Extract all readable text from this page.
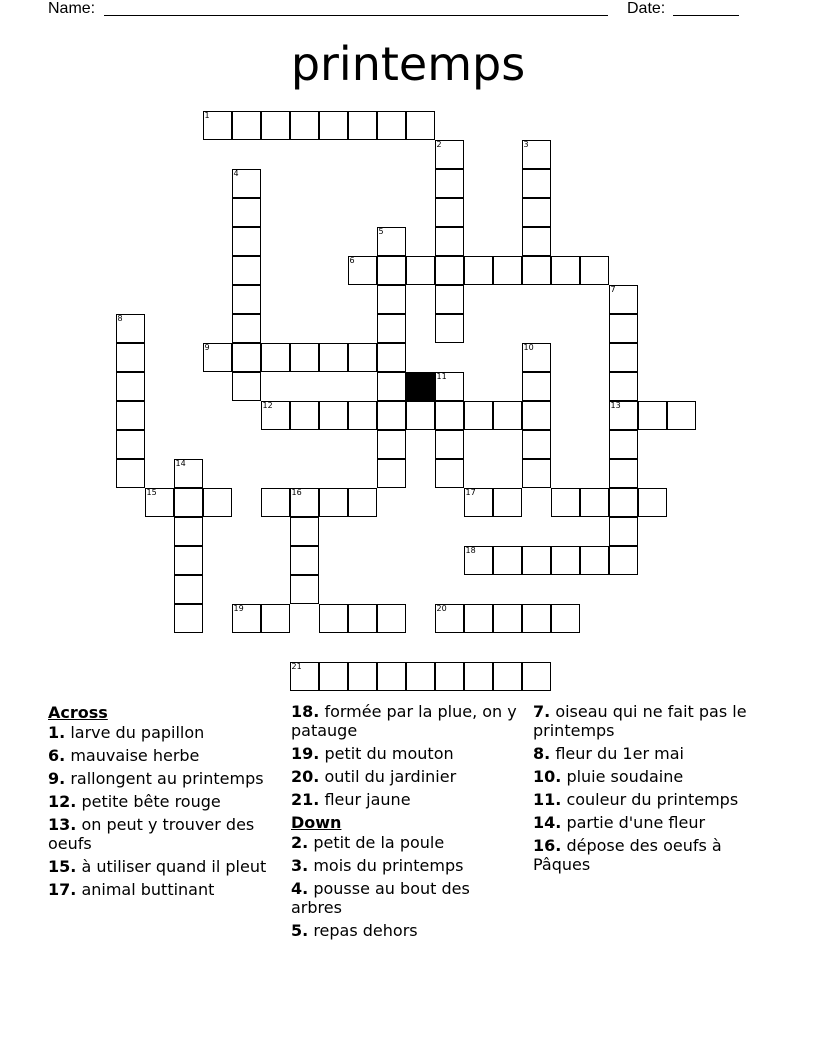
Name:	Date:
printemps
1
2	3
4
5
6
7
13
8
9	10
11
12
15	16	17
14
18
19	20
21
Across
1. larve du papillon
6. mauvaise herbe
9. rallongent au printemps
12. petite bête rouge
13. on peut y trouver des oeufs
15. à utiliser quand il pleut
17. animal buttinant
18. formée par la plue, on y patauge
19. petit du mouton
20. outil du jardinier
21. fleur jaune
Down
2. petit de la poule
3. mois du printemps
4. pousse au bout des arbres
5. repas dehors
7. oiseau qui ne fait pas le printemps
8. fleur du 1er mai
10. pluie soudaine
11. couleur du printemps
14. partie d'une fleur
16. dépose des oeufs à Pâques
